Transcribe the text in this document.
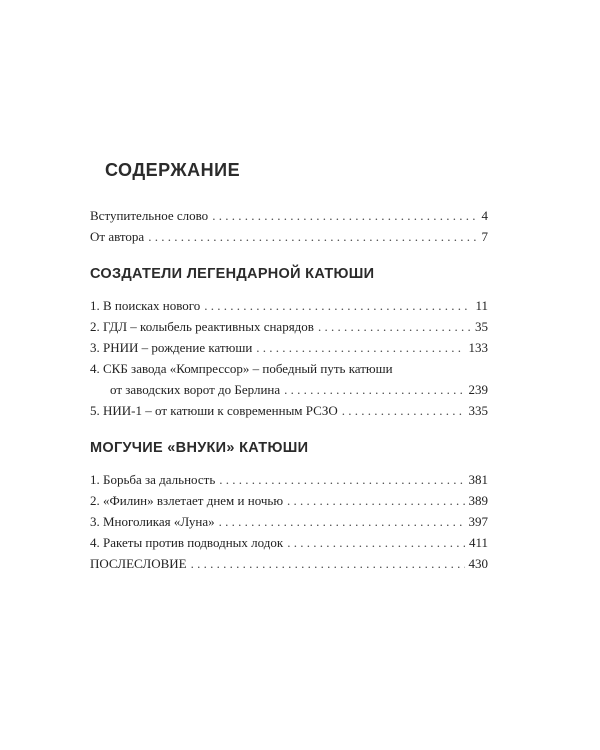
СОДЕРЖАНИЕ
Вступительное слово . . .	4
От автора . . .	7
СОЗДАТЕЛИ ЛЕГЕНДАРНОЙ КАТЮШИ
1. В поисках нового . . .	11
2. ГДЛ – колыбель реактивных снарядов . . .	35
3. РНИИ – рождение катюши . . .	133
4. СКБ завода «Компрессор» – победный путь катюши
от заводских ворот до Берлина . . .	239
5. НИИ-1 – от катюши к современным РСЗО . . .	335
МОГУЧИЕ «ВНУКИ» КАТЮШИ
1. Борьба за дальность . . .	381
2. «Филин» взлетает днем и ночью . . .	389
3. Многоликая «Луна» . . .	397
4. Ракеты против подводных лодок . . .	411
ПОСЛЕСЛОВИЕ . . .	430
